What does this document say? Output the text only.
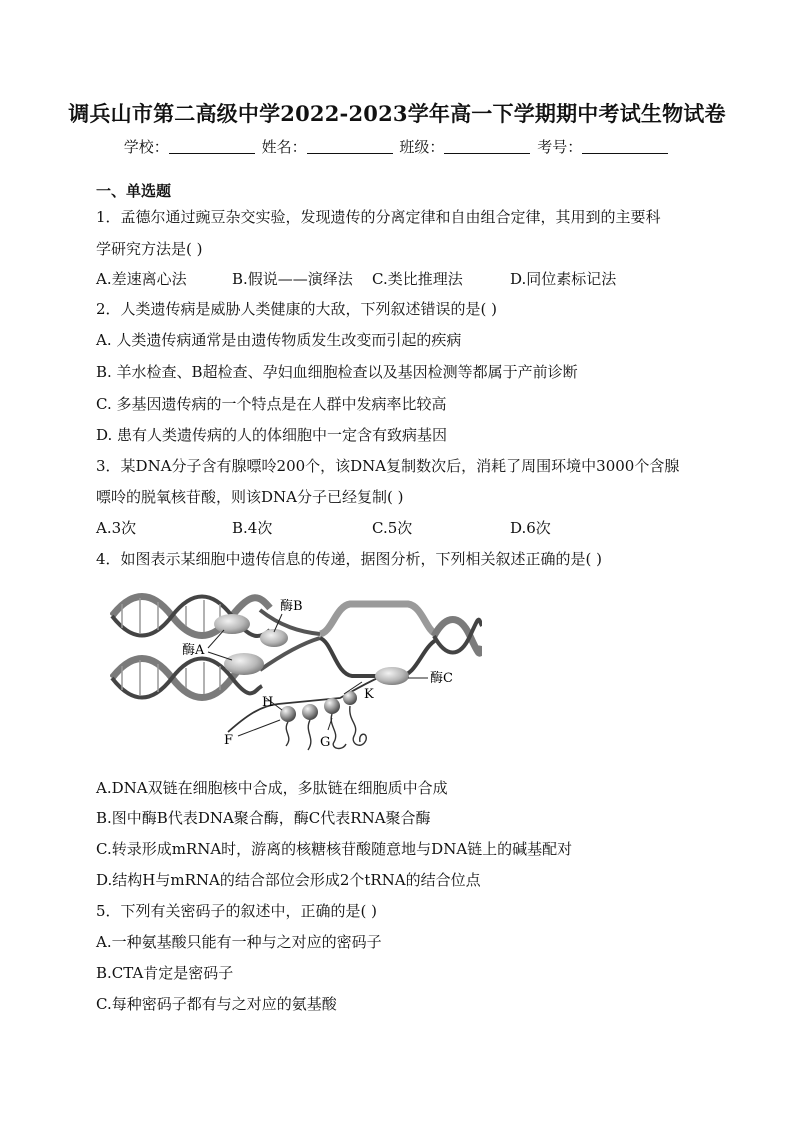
调兵山市第二高级中学2022-2023学年高一下学期期中考试生物试卷
学校：	姓名：	班级：	考号：
一、单选题
1．孟德尔通过豌豆杂交实验，发现遗传的分离定律和自由组合定律，其用到的主要科
学研究方法是( )
A.差速离心法	B.假说——演绎法 C.类比推理法	D.同位素标记法
2．人类遗传病是威胁人类健康的大敌，下列叙述错误的是( )
A. 人类遗传病通常是由遗传物质发生改变而引起的疾病
B. 羊水检查、B超检查、孕妇血细胞检查以及基因检测等都属于产前诊断
C. 多基因遗传病的一个特点是在人群中发病率比较高
D. 患有人类遗传病的人的体细胞中一定含有致病基因
3．某DNA分子含有腺嘌呤200个，该DNA复制数次后，消耗了周围环境中3000个含腺
嘌呤的脱氧核苷酸，则该DNA分子已经复制( )
A.3次	B.4次	C.5次	D.6次
4．如图表示某细胞中遗传信息的传递，据图分析，下列相关叙述正确的是( )
酶B
酶A
酶C
K
H
F	G
A.DNA双链在细胞核中合成，多肽链在细胞质中合成
B.图中酶B代表DNA聚合酶，酶C代表RNA聚合酶
C.转录形成mRNA时，游离的核糖核苷酸随意地与DNA链上的碱基配对
D.结构H与mRNA的结合部位会形成2个tRNA的结合位点
5．下列有关密码子的叙述中，正确的是( )
A.一种氨基酸只能有一种与之对应的密码子
B.CTA肯定是密码子
C.每种密码子都有与之对应的氨基酸
